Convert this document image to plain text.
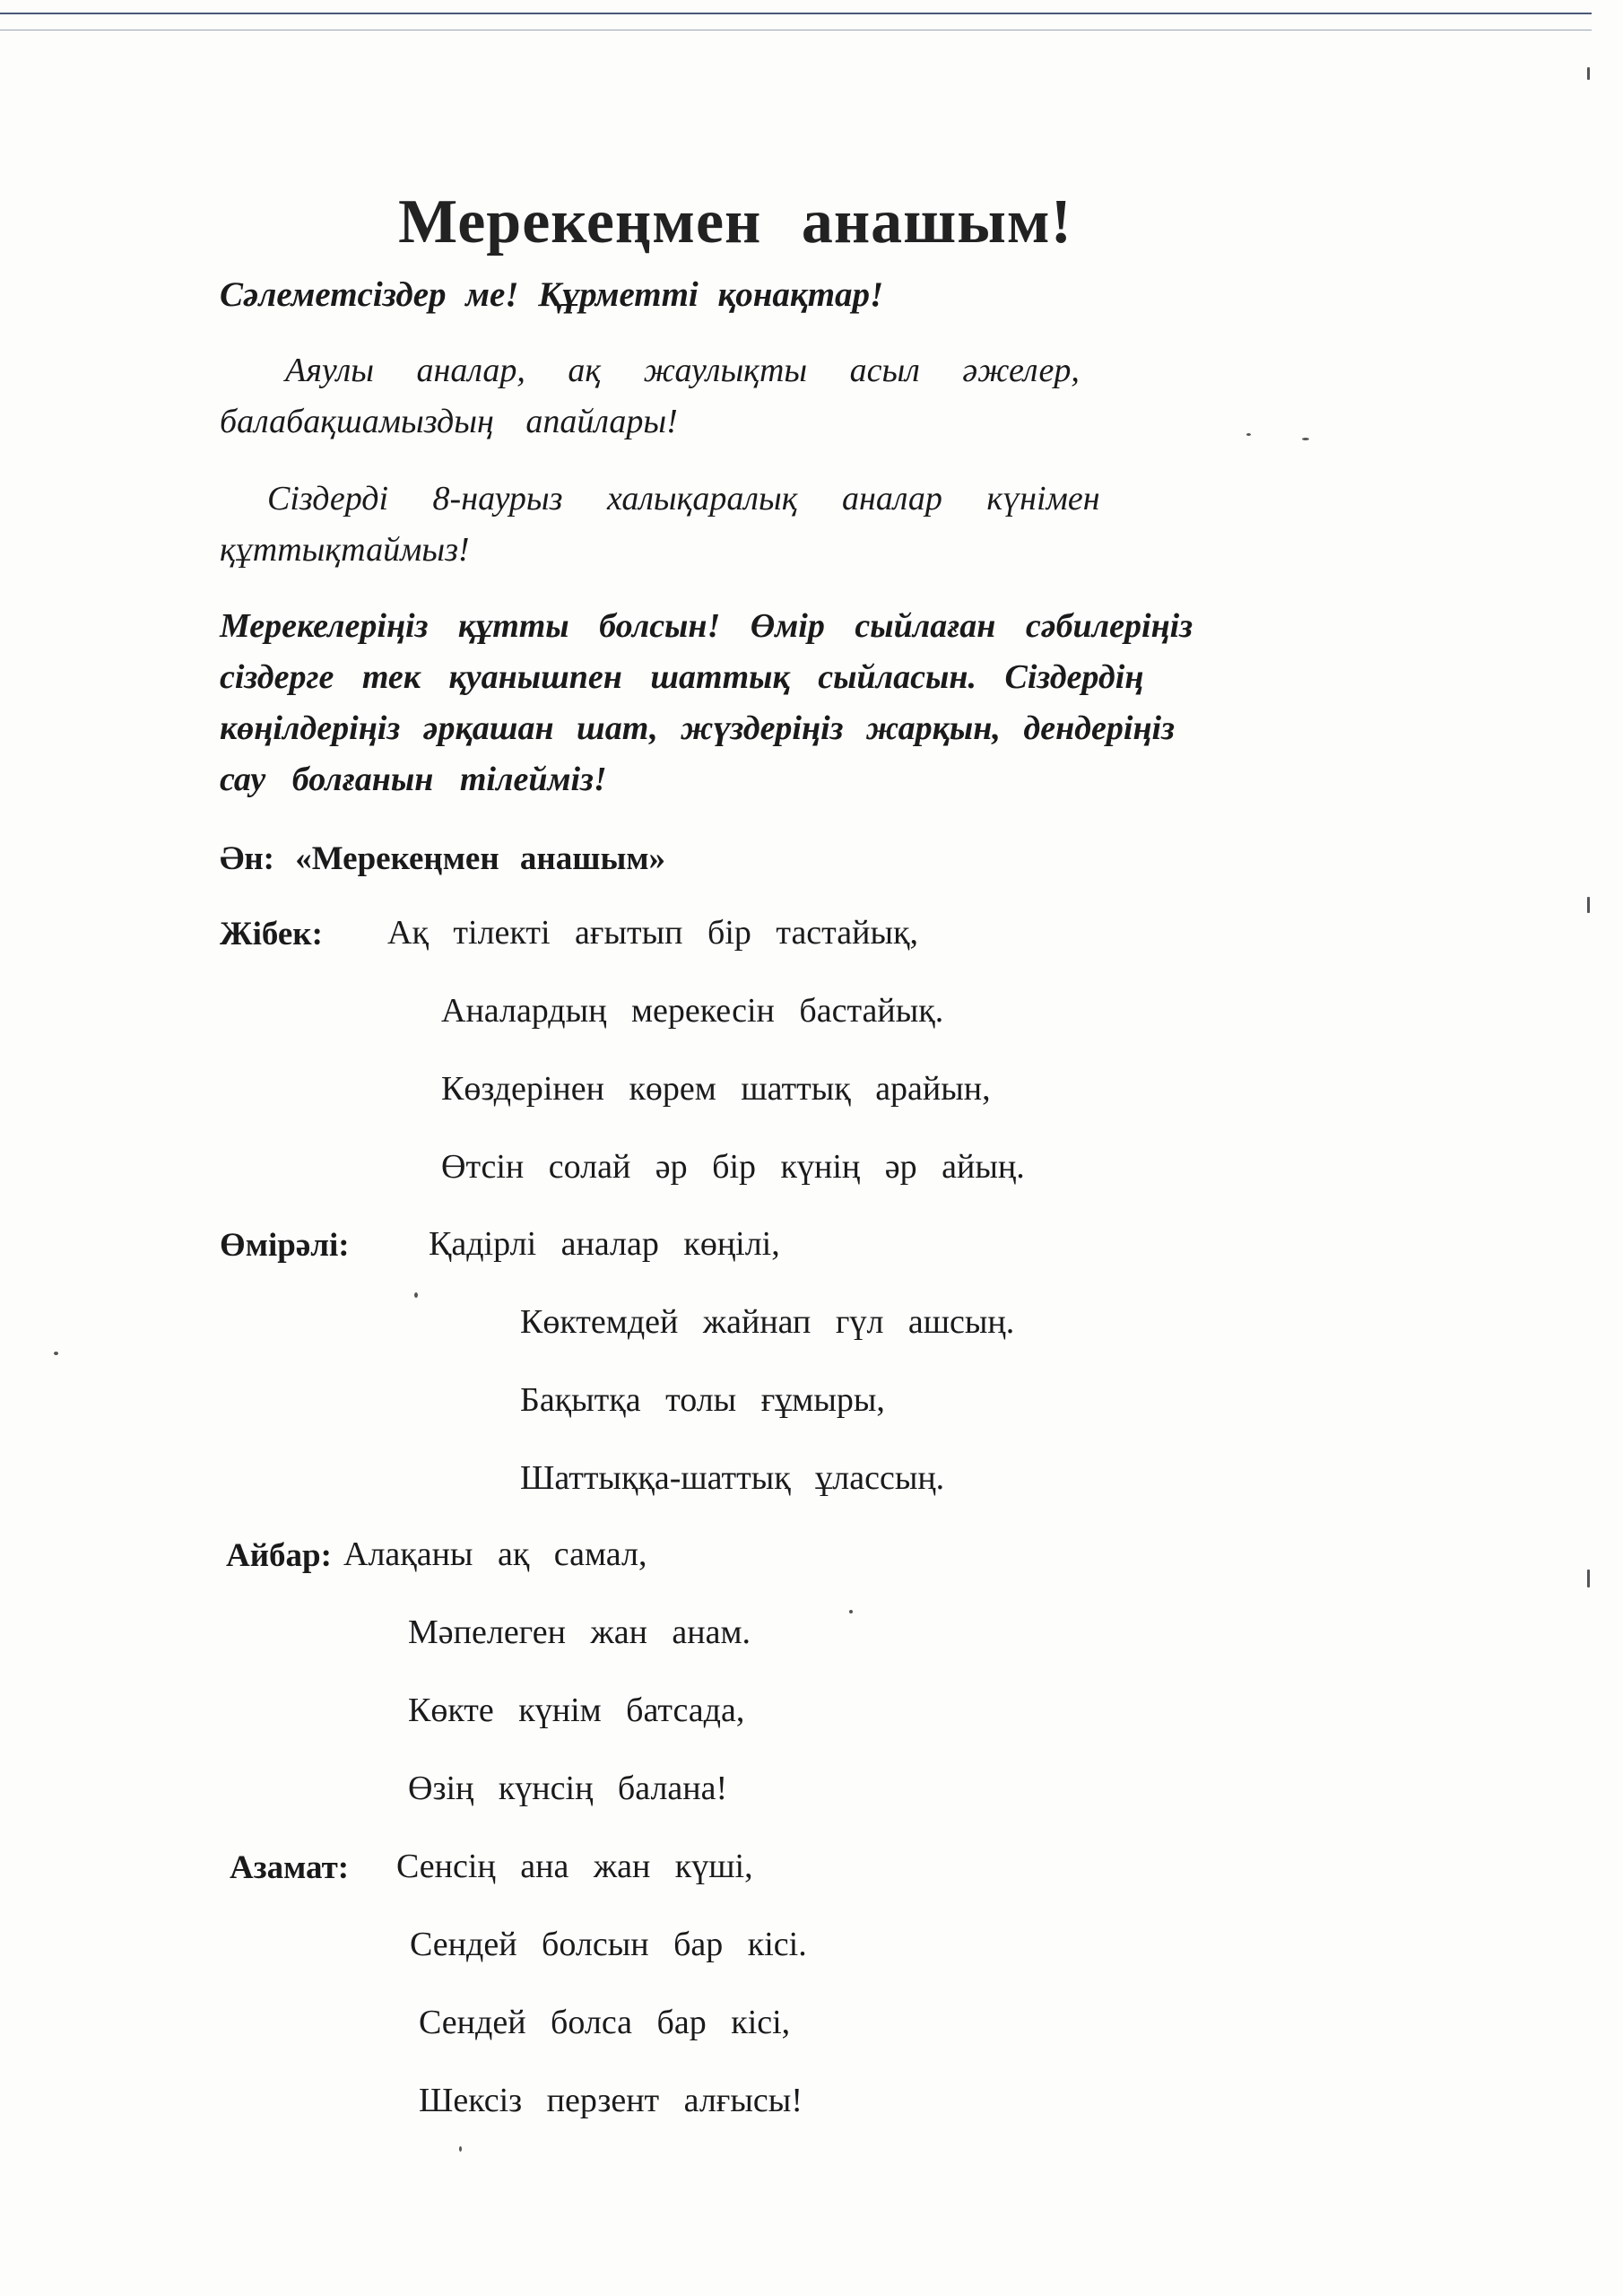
Мерекеңмен анашым!
Сәлеметсіздер ме! Құрметті қонақтар!
Аяулы аналар, ақ жаулықты асыл әжелер,
балабақшамыздың апайлары!
Сіздерді 8-наурыз халықаралық аналар күнімен
құттықтаймыз!
Мерекелеріңіз құтты болсын! Өмір сыйлаған сәбилеріңіз
сіздерге тек қуанышпен шаттық сыйласын. Сіздердің
көңілдеріңіз әрқашан шат, жүздеріңіз жарқын, дендеріңіз
сау болғанын тілейміз!
Ән: «Мерекеңмен анашым»
Жібек: Ақ тілекті ағытып бір тастайық,
Аналардың мерекесін бастайық.
Көздерінен көрем шаттық арайын,
Өтсін солай әр бір күнің әр айың.
Өмірәлі: Қадірлі аналар көңілі,
Көктемдей жайнап гүл ашсың.
Бақытқа толы ғұмыры,
Шаттыққа-шаттық ұлассың.
Айбар: Алақаны ақ самал,
Мәпелеген жан анам.
Көкте күнім батсада,
Өзің күнсің балана!
Азамат: Сенсің ана жан күші,
Сендей болсын бар кісі.
Сендей болса бар кісі,
Шексіз перзент алғысы!
